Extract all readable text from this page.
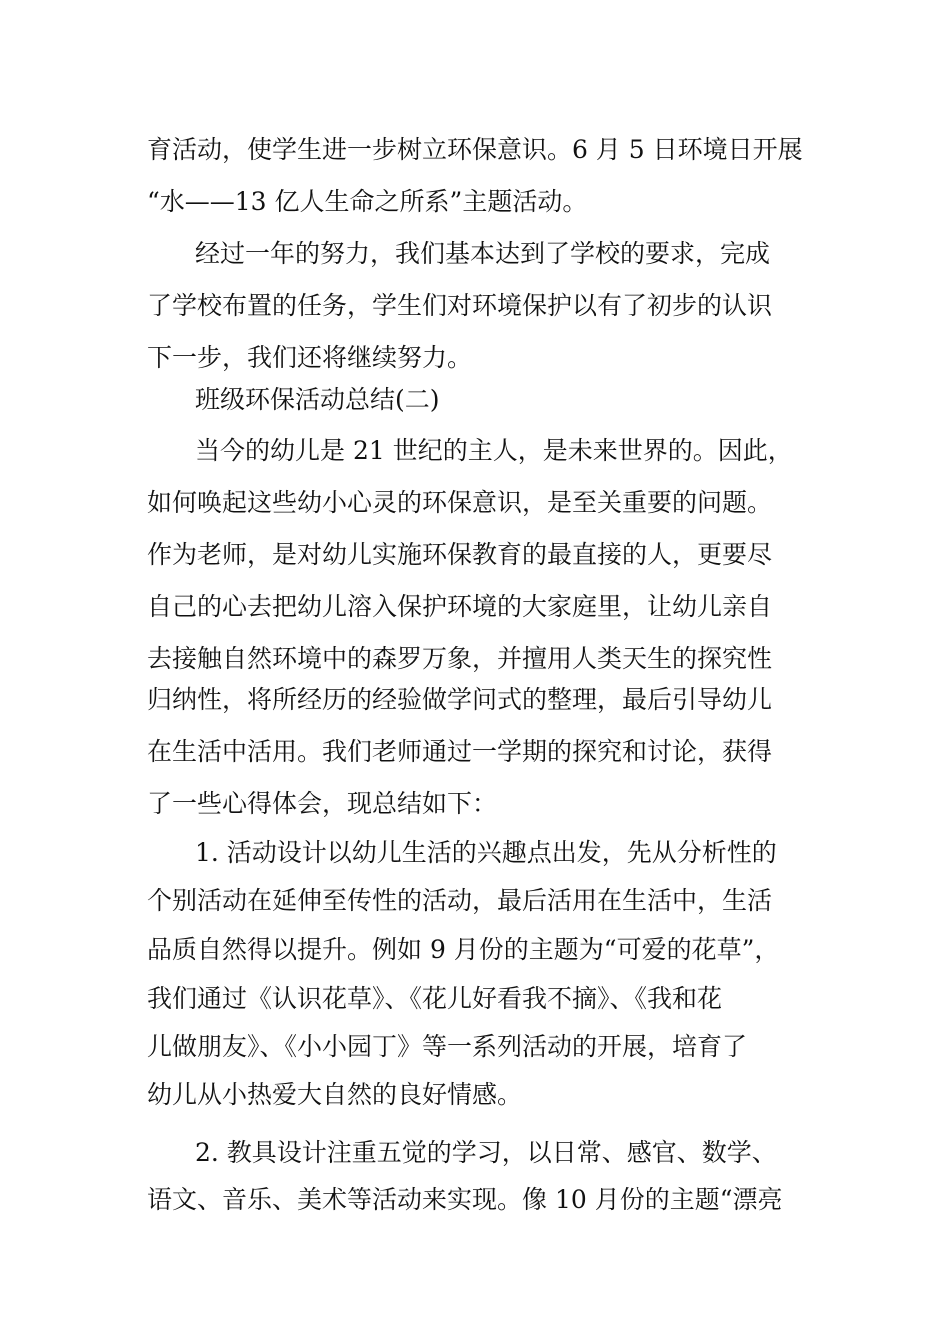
育活动，使学生进一步树立环保意识。6 月 5 日环境日开展
“水——13 亿人生命之所系”主题活动。
经过一年的努力，我们基本达到了学校的要求，完成
了学校布置的任务，学生们对环境保护以有了初步的认识
下一步，我们还将继续努力。
班级环保活动总结(二)
当今的幼儿是 21 世纪的主人，是未来世界的。因此，
如何唤起这些幼小心灵的环保意识，是至关重要的问题。
作为老师，是对幼儿实施环保教育的最直接的人，更要尽
自己的心去把幼儿溶入保护环境的大家庭里，让幼儿亲自
去接触自然环境中的森罗万象，并擅用人类天生的探究性
归纳性，将所经历的经验做学问式的整理，最后引导幼儿
在生活中活用。我们老师通过一学期的探究和讨论，获得
了一些心得体会，现总结如下：
1. 活动设计以幼儿生活的兴趣点出发，先从分析性的
个别活动在延伸至传性的活动，最后活用在生活中，生活
品质自然得以提升。例如 9 月份的主题为“可爱的花草”，
我们通过《认识花草》、《花儿好看我不摘》、《我和花
儿做朋友》、《小小园丁》等一系列活动的开展，培育了
幼儿从小热爱大自然的良好情感。
2. 教具设计注重五觉的学习，以日常、感官、数学、
语文、音乐、美术等活动来实现。像 10 月份的主题“漂亮
